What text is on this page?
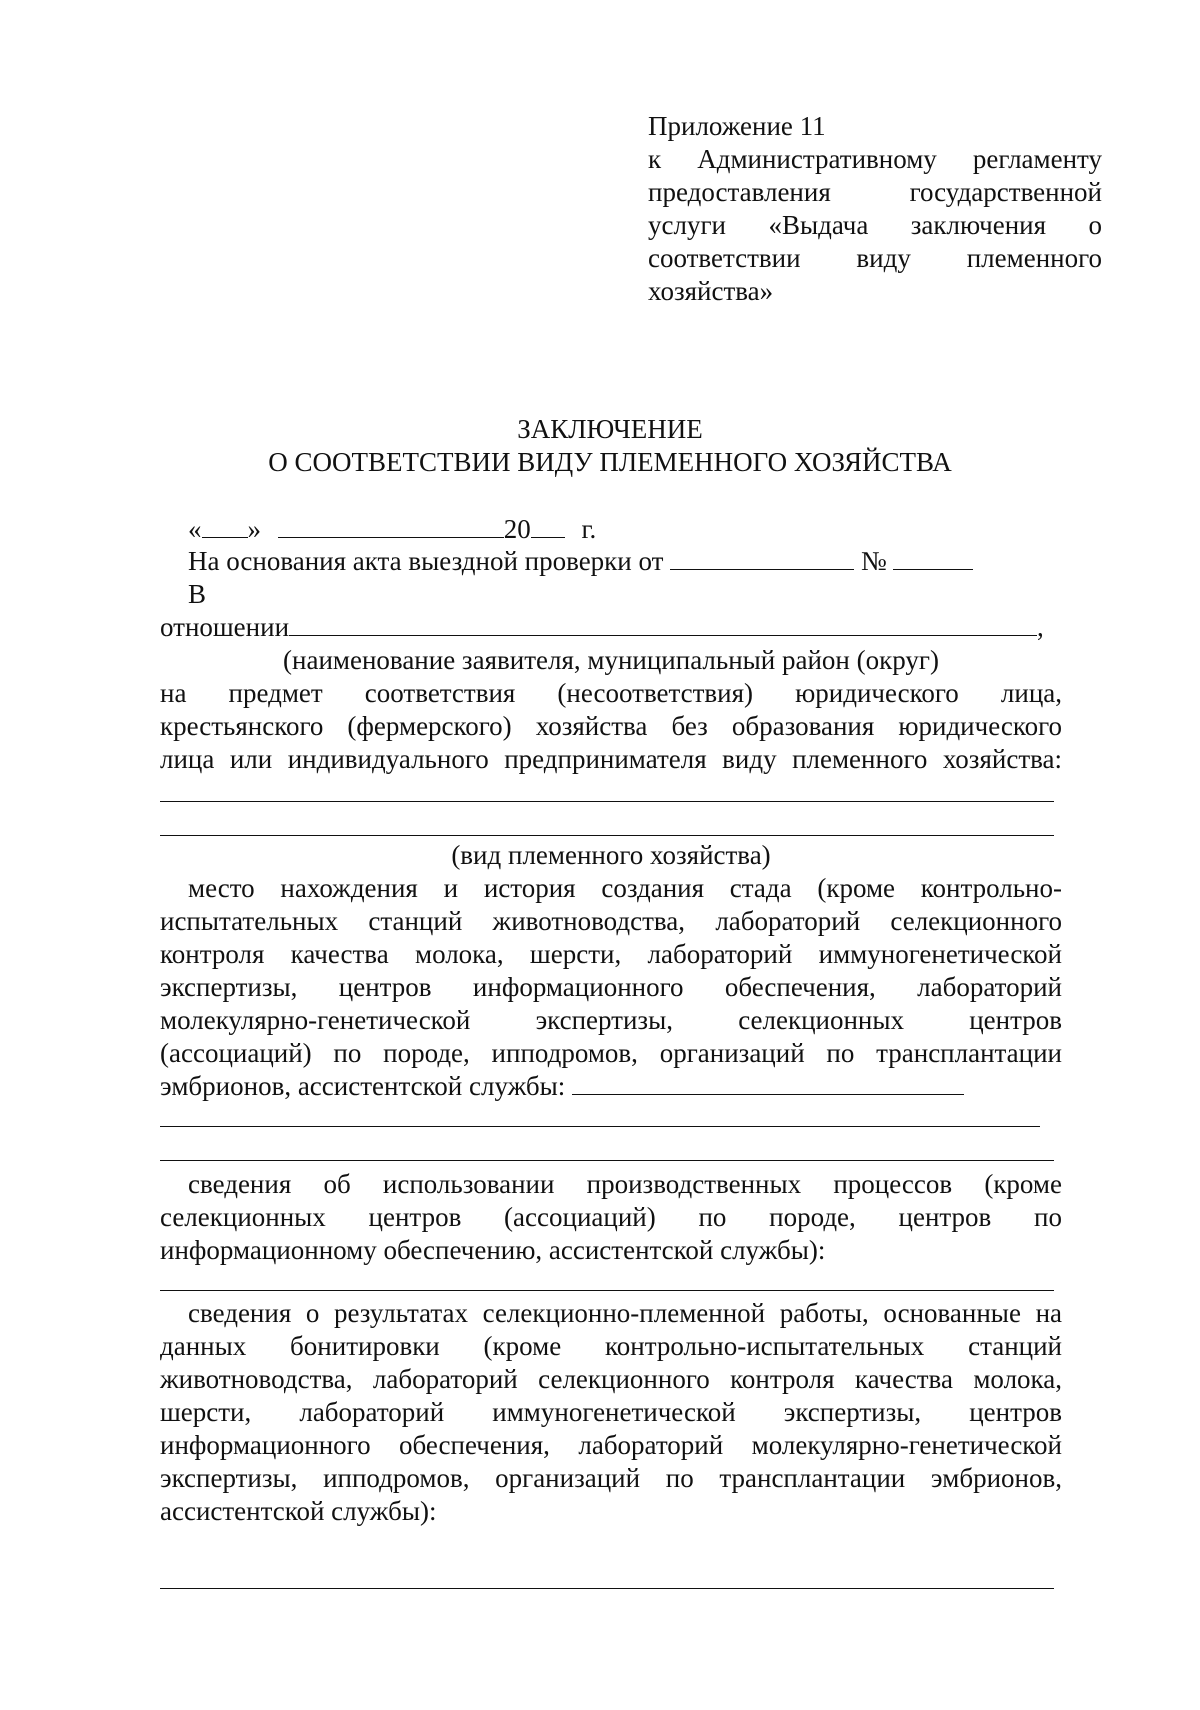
Приложение 11
к Административному регламенту
предоставления государственной
услуги «Выдача заключения о
соответствии виду племенного
хозяйства»
ЗАКЛЮЧЕНИЕ
О СООТВЕТСТВИИ ВИДУ ПЛЕМЕННОГО ХОЗЯЙСТВА
« »	20 г.
На основания акта выездной проверки от	№
В
отношении	,
(наименование заявителя, муниципальный район (округ)
на предмет соответствия (несоответствия) юридического лица,
крестьянского (фермерского) хозяйства без образования юридического
лица или индивидуального предпринимателя виду племенного хозяйства:
(вид племенного хозяйства)
место нахождения и история создания стада (кроме контрольно-
испытательных станций животноводства, лабораторий селекционного
контроля качества молока, шерсти, лабораторий иммуногенетической
экспертизы, центров информационного обеспечения, лабораторий
молекулярно-генетической экспертизы, селекционных центров
(ассоциаций) по породе, ипподромов, организаций по трансплантации
эмбрионов, ассистентской службы:
сведения об использовании производственных процессов (кроме
селекционных центров (ассоциаций) по породе, центров по
информационному обеспечению, ассистентской службы):
сведения о результатах селекционно-племенной работы, основанные на
данных бонитировки (кроме контрольно-испытательных станций
животноводства, лабораторий селекционного контроля качества молока,
шерсти, лабораторий иммуногенетической экспертизы, центров
информационного обеспечения, лабораторий молекулярно-генетической
экспертизы, ипподромов, организаций по трансплантации эмбрионов,
ассистентской службы):
